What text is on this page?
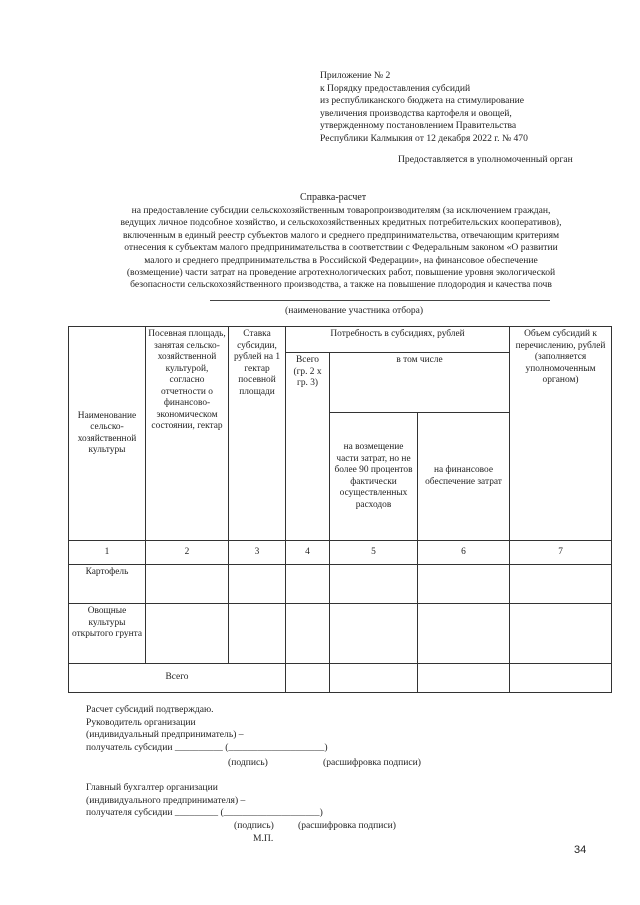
Приложение № 2
к Порядку предоставления субсидий
из республиканского бюджета на стимулирование
увеличения производства картофеля и овощей,
утвержденному постановлением Правительства
Республики Калмыкия от 12 декабря 2022 г. № 470
Предоставляется в уполномоченный орган
Справка-расчет
на предоставление субсидии сельскохозяйственным товаропроизводителям (за исключением граждан,
ведущих личное подсобное хозяйство, и сельскохозяйственных кредитных потребительских кооперативов),
включенным в единый реестр субъектов малого и среднего предпринимательства, отвечающим критериям
отнесения к субъектам малого предпринимательства в соответствии с Федеральным законом «О развитии
малого и среднего предпринимательства в Российской Федерации», на финансовое обеспечение
(возмещение) части затрат на проведение агротехнологических работ, повышение уровня экологической
безопасности сельскохозяйственного производства, а также на повышение плодородия и качества почв
(наименование участника отбора)
Наименование сельско-хозяйственной культуры	Посевная площадь, занятая сельско-хозяйственной культурой, согласно отчетности о финансово-экономическом состоянии, гектар	Ставка субсидии, рублей на 1 гектар посевной площади	Потребность в субсидиях, рублей			Объем субсидий к перечислению, рублей (заполняется уполномоченным органом)
			Всего (гр. 2 х гр. 3)	в том числе		
				на возмещение части затрат, но не более 90 процентов фактически осуществленных расходов	на финансовое обеспечение затрат	
1	2	3	4	5	6	7
Картофель						
Овощные культуры открытого грунта						
Всего						
Расчет субсидий подтверждаю.
Руководитель организации
(индивидуальный предприниматель) –
получатель субсидии __________ (____________________)
(подпись)	(расшифровка подписи)
Главный бухгалтер организации
(индивидуального предпринимателя) –
получателя субсидии _________ (____________________)
(подпись)	(расшифровка подписи)
М.П.
34
